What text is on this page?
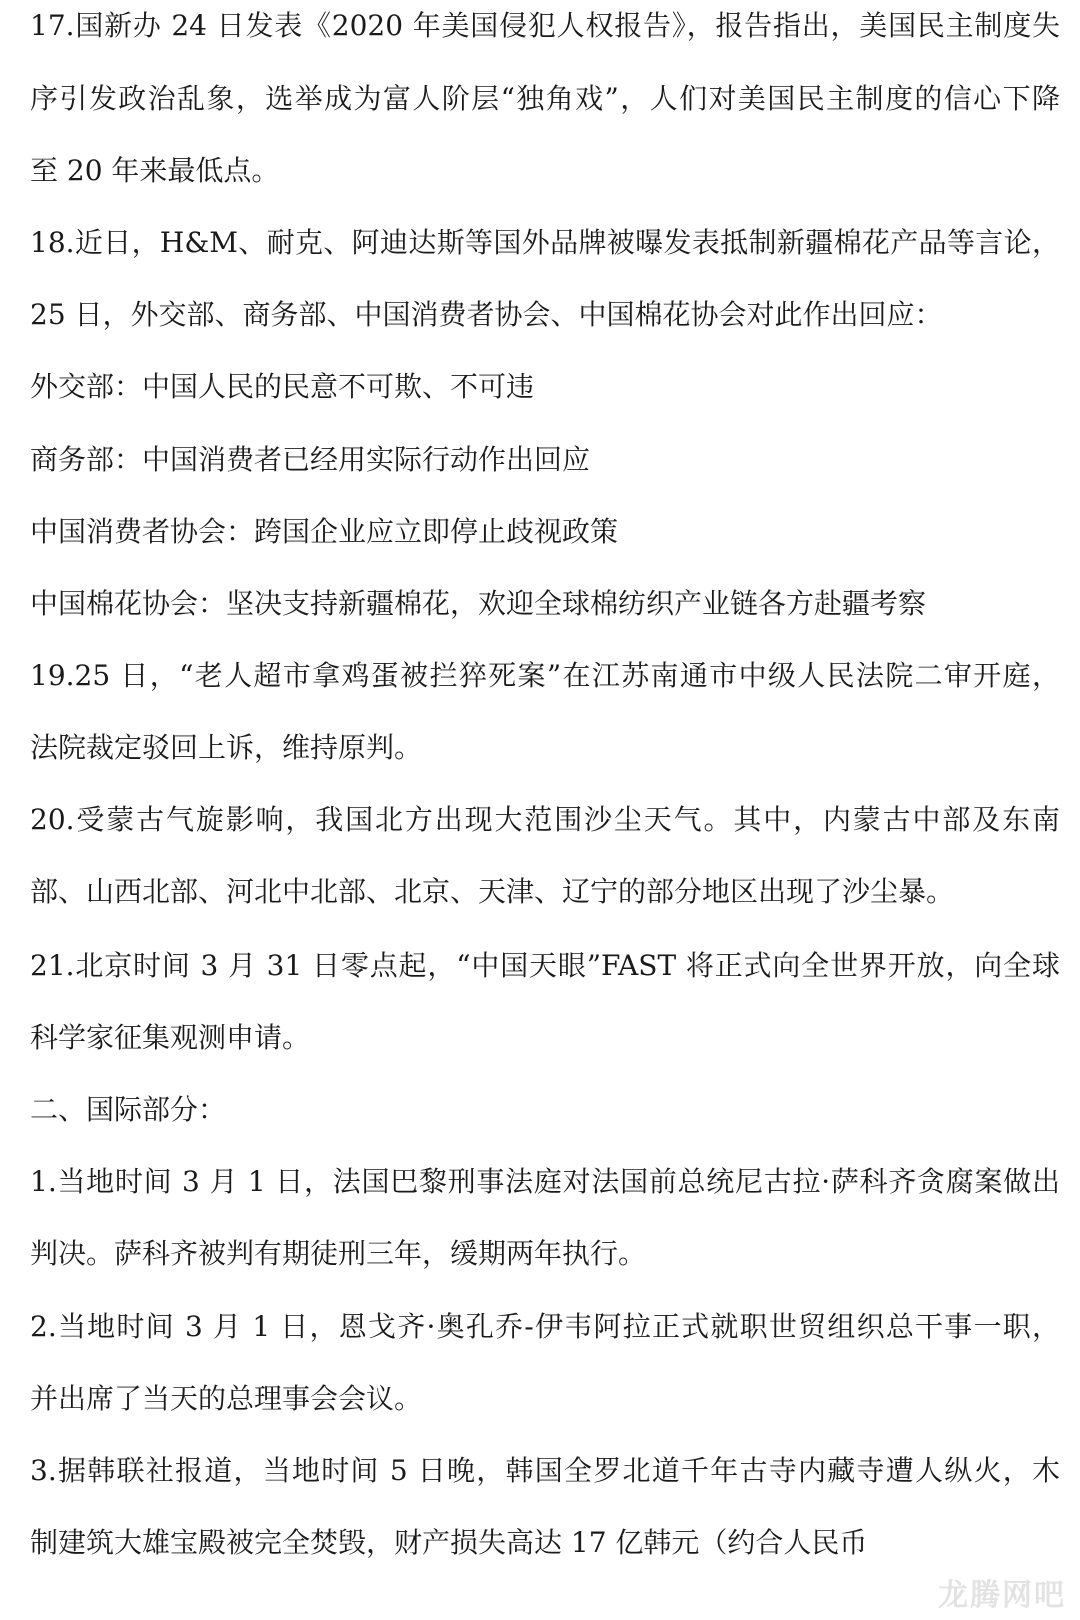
17.国新办 24 日发表《2020 年美国侵犯人权报告》，报告指出，美国民主制度失
序引发政治乱象，选举成为富人阶层“独角戏”，人们对美国民主制度的信心下降
至 20 年来最低点。
18.近日，H&M、耐克、阿迪达斯等国外品牌被曝发表抵制新疆棉花产品等言论，
25 日，外交部、商务部、中国消费者协会、中国棉花协会对此作出回应：
外交部：中国人民的民意不可欺、不可违
商务部：中国消费者已经用实际行动作出回应
中国消费者协会：跨国企业应立即停止歧视政策
中国棉花协会：坚决支持新疆棉花，欢迎全球棉纺织产业链各方赴疆考察
19.25 日，“老人超市拿鸡蛋被拦猝死案”在江苏南通市中级人民法院二审开庭，
法院裁定驳回上诉，维持原判。
20.受蒙古气旋影响，我国北方出现大范围沙尘天气。其中，内蒙古中部及东南
部、山西北部、河北中北部、北京、天津、辽宁的部分地区出现了沙尘暴。
21.北京时间 3 月 31 日零点起，“中国天眼”FAST 将正式向全世界开放，向全球
科学家征集观测申请。
二、国际部分：
1.当地时间 3 月 1 日，法国巴黎刑事法庭对法国前总统尼古拉·萨科齐贪腐案做出
判决。萨科齐被判有期徒刑三年，缓期两年执行。
2.当地时间 3 月 1 日，恩戈齐·奥孔乔-伊韦阿拉正式就职世贸组织总干事一职，
并出席了当天的总理事会会议。
3.据韩联社报道，当地时间 5 日晚，韩国全罗北道千年古寺内藏寺遭人纵火，木
制建筑大雄宝殿被完全焚毁，财产损失高达 17 亿韩元（约合人民币
龙腾网吧
